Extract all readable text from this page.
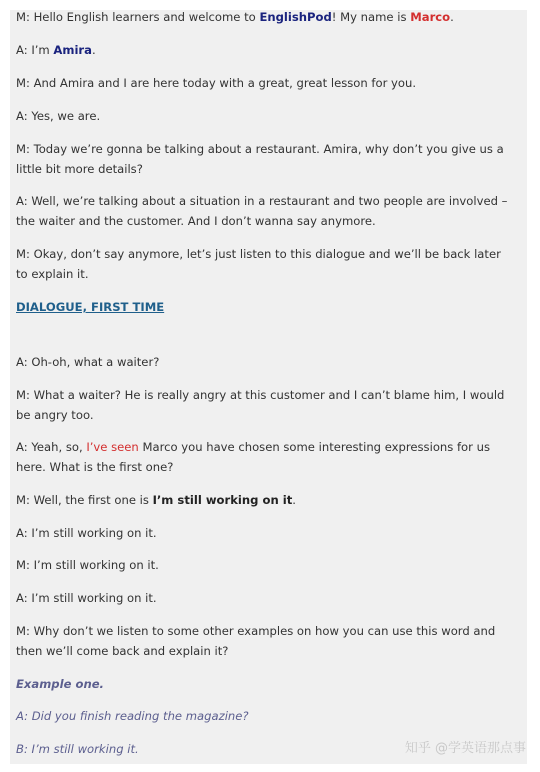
M: Hello English learners and welcome to EnglishPod! My name is Marco.

A: I’m Amira.

M: And Amira and I are here today with a great, great lesson for you.

A: Yes, we are.

M: Today we’re gonna be talking about a restaurant. Amira, why don’t you give us a little bit more details?

A: Well, we’re talking about a situation in a restaurant and two people are involved – the waiter and the customer. And I don’t wanna say anymore.

M: Okay, don’t say anymore, let’s just listen to this dialogue and we’ll be back later to explain it.

DIALOGUE, FIRST TIME

A: Oh-oh, what a waiter?

M: What a waiter? He is really angry at this customer and I can’t blame him, I would be angry too.

A: Yeah, so, I’ve seen Marco you have chosen some interesting expressions for us here. What is the first one?

M: Well, the first one is I’m still working on it.

A: I’m still working on it.

M: I’m still working on it.

A: I’m still working on it.

M: Why don’t we listen to some other examples on how you can use this word and then we’ll come back and explain it?

Example one.

A: Did you finish reading the magazine?

B: I’m still working it.	知乎 @学英语那点事
